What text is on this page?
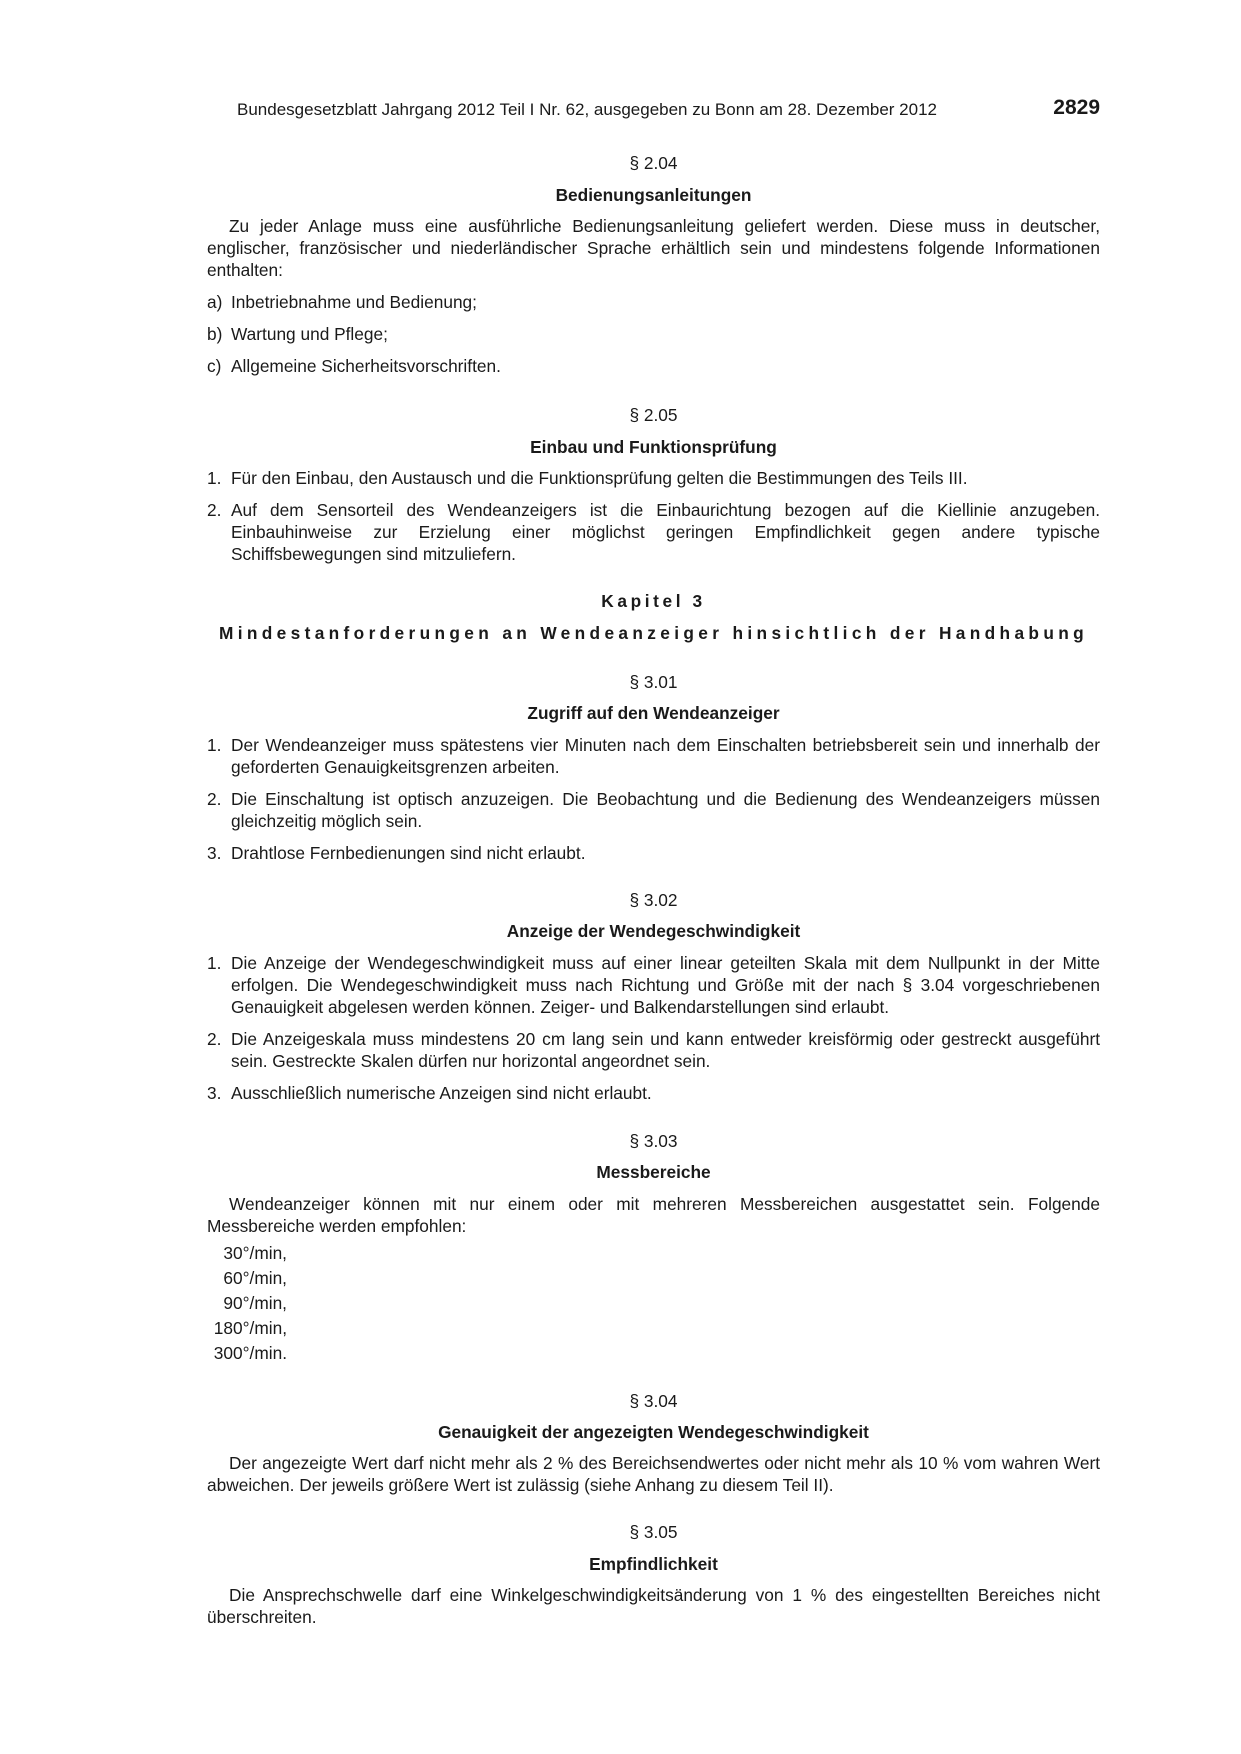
Bundesgesetzblatt Jahrgang 2012 Teil I Nr. 62, ausgegeben zu Bonn am 28. Dezember 2012	2829
§ 2.04
Bedienungsanleitungen
Zu jeder Anlage muss eine ausführliche Bedienungsanleitung geliefert werden. Diese muss in deutscher, englischer, französischer und niederländischer Sprache erhältlich sein und mindestens folgende Informationen enthalten:
a) Inbetriebnahme und Bedienung;
b) Wartung und Pflege;
c) Allgemeine Sicherheitsvorschriften.
§ 2.05
Einbau und Funktionsprüfung
1. Für den Einbau, den Austausch und die Funktionsprüfung gelten die Bestimmungen des Teils III.
2. Auf dem Sensorteil des Wendeanzeigers ist die Einbaurichtung bezogen auf die Kiellinie anzugeben. Einbauhinweise zur Erzielung einer möglichst geringen Empfindlichkeit gegen andere typische Schiffsbewegungen sind mitzuliefern.
Kapitel 3
Mindestanforderungen an Wendeanzeiger hinsichtlich der Handhabung
§ 3.01
Zugriff auf den Wendeanzeiger
1. Der Wendeanzeiger muss spätestens vier Minuten nach dem Einschalten betriebsbereit sein und innerhalb der geforderten Genauigkeitsgrenzen arbeiten.
2. Die Einschaltung ist optisch anzuzeigen. Die Beobachtung und die Bedienung des Wendeanzeigers müssen gleichzeitig möglich sein.
3. Drahtlose Fernbedienungen sind nicht erlaubt.
§ 3.02
Anzeige der Wendegeschwindigkeit
1. Die Anzeige der Wendegeschwindigkeit muss auf einer linear geteilten Skala mit dem Nullpunkt in der Mitte erfolgen. Die Wendegeschwindigkeit muss nach Richtung und Größe mit der nach § 3.04 vorgeschriebenen Genauigkeit abgelesen werden können. Zeiger- und Balkendarstellungen sind erlaubt.
2. Die Anzeigeskala muss mindestens 20 cm lang sein und kann entweder kreisförmig oder gestreckt ausgeführt sein. Gestreckte Skalen dürfen nur horizontal angeordnet sein.
3. Ausschließlich numerische Anzeigen sind nicht erlaubt.
§ 3.03
Messbereiche
Wendeanzeiger können mit nur einem oder mit mehreren Messbereichen ausgestattet sein. Folgende Messbereiche werden empfohlen:
30°/min,
60°/min,
90°/min,
180°/min,
300°/min.
§ 3.04
Genauigkeit der angezeigten Wendegeschwindigkeit
Der angezeigte Wert darf nicht mehr als 2 % des Bereichsendwertes oder nicht mehr als 10 % vom wahren Wert abweichen. Der jeweils größere Wert ist zulässig (siehe Anhang zu diesem Teil II).
§ 3.05
Empfindlichkeit
Die Ansprechschwelle darf eine Winkelgeschwindigkeitsänderung von 1 % des eingestellten Bereiches nicht überschreiten.
